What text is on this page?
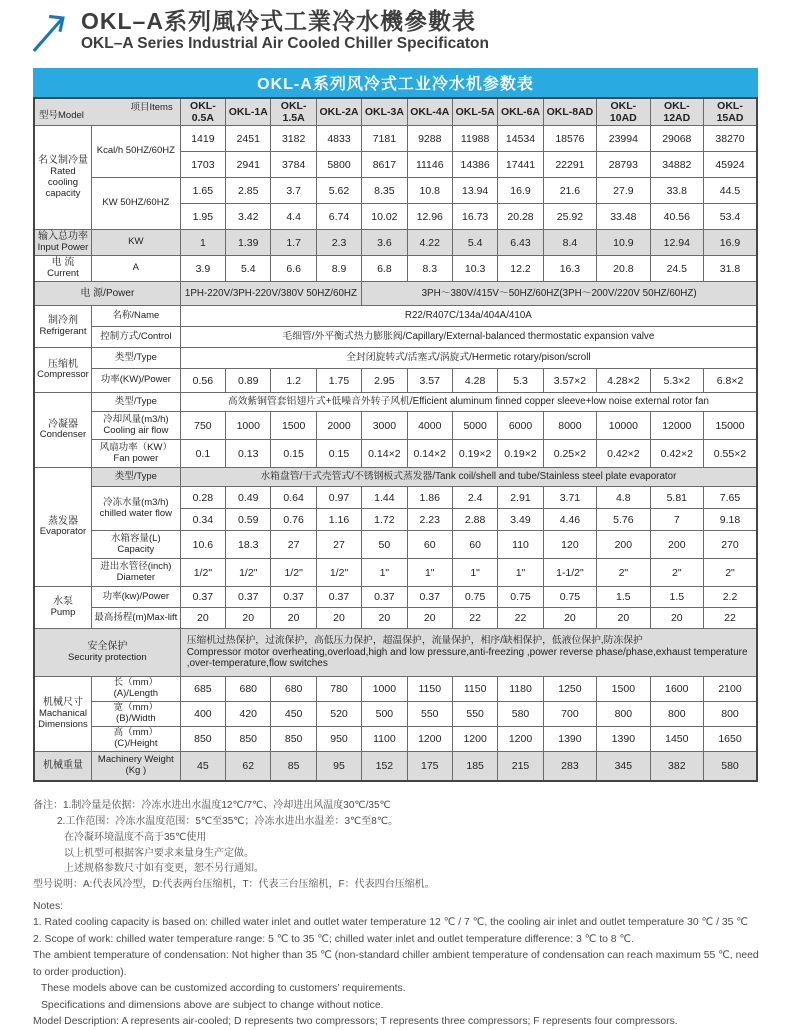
OKL–A系列風冷式工業冷水機參數表
OKL–A Series Industrial Air Cooled Chiller Specificaton
OKL-A系列风冷式工业冷水机参数表
型号Model
项目Items		OKL-0.5A	OKL-1A	OKL-1.5A	OKL-2A	OKL-3A	OKL-4A	OKL-5A	OKL-6A	OKL-8AD	OKL-10AD	OKL-12AD	OKL-15AD

名义制冷量
Rated cooling capacity	Kcal/h 50HZ/60HZ	1419	2451	3182	4833	7181	9288	11988	14534	18576	23994	29068	38270
		1703	2941	3784	5800	8617	11146	14386	17441	22291	28793	34882	45924
	KW 50HZ/60HZ	1.65	2.85	3.7	5.62	8.35	10.8	13.94	16.9	21.6	27.9	33.8	44.5
		1.95	3.42	4.4	6.74	10.02	12.96	16.73	20.28	25.92	33.48	40.56	53.4

输入总功率
Input Power	KW	1	1.39	1.7	2.3	3.6	4.22	5.4	6.43	8.4	10.9	12.94	16.9

电 流
Current	A	3.9	5.4	6.6	8.9	6.8	8.3	10.3	12.2	16.3	20.8	24.5	31.8
电 源/Power		1PH-220V/3PH-220V/380V 50HZ/60HZ				3PH～380V/415V～50HZ/60HZ(3PH～200V/220V 50HZ/60HZ)							

制冷剂
Refrigerant	名称/Name	R22/R407C/134a/404A/410A											
	控制方式/Control	毛细管/外平衡式热力膨胀阀/Capillary/External-balanced thermostatic expansion valve											

压缩机
Compressor	类型/Type	全封闭旋转式/活塞式/涡旋式/Hermetic rotary/pison/scroll											
	功率(KW)/Power	0.56	0.89	1.2	1.75	2.95	3.57	4.28	5.3	3.57×2	4.28×2	5.3×2	6.8×2

冷凝器
Condenser	类型/Type	高效紫铜管套铝翅片式+低噪音外转子风机/Efficient aluminum finned copper sleeve+low noise external rotor fan											

	冷却风量(m3/h)
Cooling air flow	750	1000	1500	2000	3000	4000	5000	6000	8000	10000	12000	15000

	风扇功率（KW）
Fan power	0.1	0.13	0.15	0.15	0.14×2	0.14×2	0.19×2	0.19×2	0.25×2	0.42×2	0.42×2	0.55×2

蒸发器
Evaporator	类型/Type	水箱盘管/干式壳管式/不锈钢板式蒸发器/Tank coil/shell and tube/Stainless steel plate evaporator											

	冷冻水量(m3/h)
chilled water flow	0.28	0.49	0.64	0.97	1.44	1.86	2.4	2.91	3.71	4.8	5.81	7.65
		0.34	0.59	0.76	1.16	1.72	2.23	2.88	3.49	4.46	5.76	7	9.18

	水箱容量(L)
Capacity	10.6	18.3	27	27	50	60	60	110	120	200	200	270

	进出水管径(inch)
Diameter	1/2"	1/2"	1/2"	1/2"	1"	1"	1"	1"	1-1/2"	2"	2"	2"

水泵
Pump	功率(kw)/Power	0.37	0.37	0.37	0.37	0.37	0.37	0.75	0.75	0.75	1.5	1.5	2.2
	最高扬程(m)Max-lift	20	20	20	20	20	20	22	22	20	20	20	22

安全保护
Security protection

压缩机过热保护，过流保护，高低压力保护，超温保护，流量保护，相序/缺相保护，低液位保护,防冻保护
Compressor motor overheating,overload,high and low pressure,anti-freezing ,power reverse phase/phase,exhaust temperature ,over-temperature,flow switches

机械尺寸
Machanical Dimensions	长（mm）(A)/Length	685	680	680	780	1000	1150	1150	1180	1250	1500	1600	2100
	宽（mm）(B)/Width	400	420	450	520	500	550	550	580	700	800	800	800
	高（mm）(C)/Height	850	850	850	950	1100	1200	1200	1200	1390	1390	1450	1650
机械重量	Machinery Weight (Kg )	45	62	85	95	152	175	185	215	283	345	382	580
备注：1.制冷量是依据：冷冻水进出水温度12℃/7℃、冷却进出风温度30℃/35℃
2.工作范围：冷冻水温度范围：5℃至35℃；冷冻水进出水温差：3℃至8℃。
在冷凝环境温度不高于35℃使用
以上机型可根据客户要求来量身生产定做。
上述规格参数尺寸如有变更，恕不另行通知。
型号说明：A:代表风冷型，D:代表两台压缩机，T：代表三台压缩机，F：代表四台压缩机。
Notes:
1. Rated cooling capacity is based on: chilled water inlet and outlet water temperature 12 ℃ / 7 ℃, the cooling air inlet and outlet temperature 30 ℃ / 35 ℃
2. Scope of work: chilled water temperature range: 5 ℃ to 35 ℃; chilled water inlet and outlet temperature difference: 3 ℃ to 8 ℃.
The ambient temperature of condensation: Not higher than 35 ℃ (non-standard chiller ambient temperature of condensation can reach maximum 55 ℃, need to order production).
These models above can be customized according to customers’ requirements.
Specifications and dimensions above are subject to change without notice.
Model Description: A represents air-cooled; D represents two compressors; T represents three compressors; F represents four compressors.
